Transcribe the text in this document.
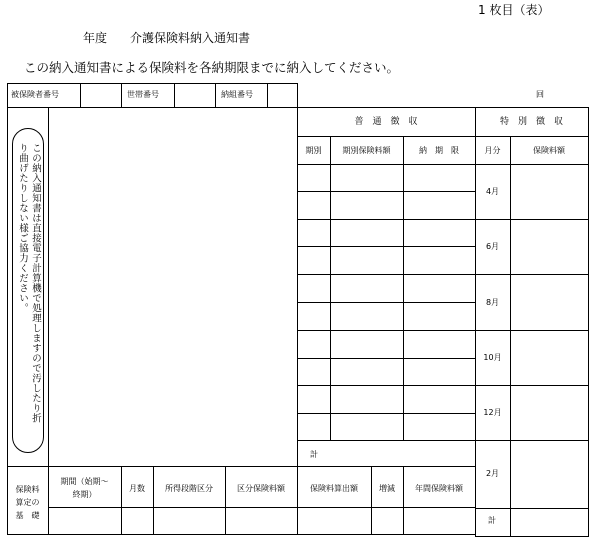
1 枚目（表）
年度 介護保険料納入通知書
この納入通知書による保険料を各納期限までに納入してください。
被保険者番号	世帯番号	納組番号	回
この納入通知書は直接電子計算機で処理しますので汚したり折
り曲げたりしない様ご協力ください。
普　通　徴　収
期別	期別保険料額	納　期　限
計
特　別　徴　収
月分	保険料額
4月
6月
8月
10月
12月
2月
計
保険料
算定の
基　礎
期間（始期～
終期）
月数	所得段階区分	区分保険料額	保険料算出額	増減	年間保険料額
